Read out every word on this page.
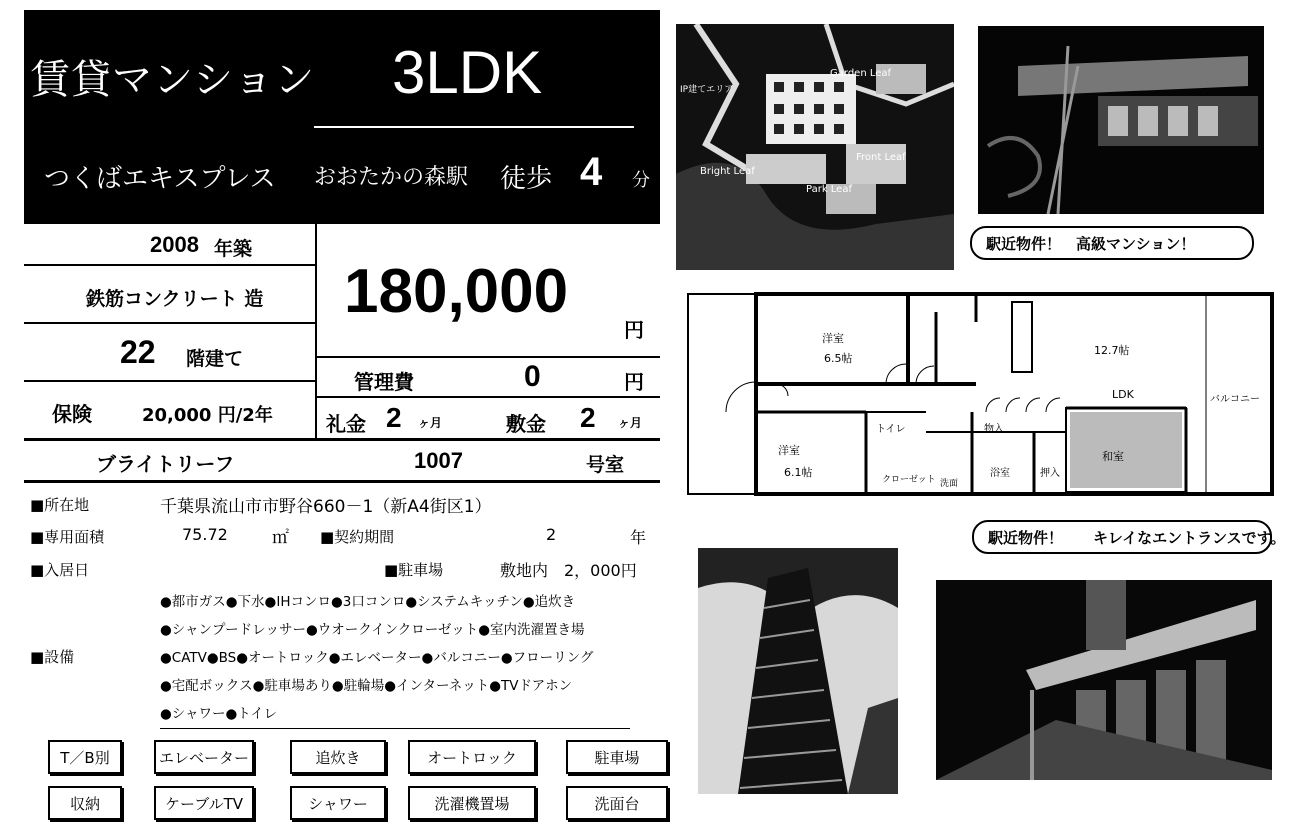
賃貸マンション 3LDK
つくばエキスプレス おおたかの森駅 徒歩 4 分
2008 年築
鉄筋コンクリート 造
22 階建て
保険	20,000 円/2年
180,000
円
管理費	0	円
礼金 2 ヶ月	敷金 2 ヶ月
ブライトリーフ	1007	号室
■所在地	千葉県流山市市野谷660－1（新A4街区1）
■専用面積	75.72	㎡ ■契約期間	2	年
■入居日	■駐車場	敷地内　2，000円
■設備
●都市ガス●下水●IHコンロ●3口コンロ●システムキッチン●追炊き
●シャンプードレッサー●ウオークインクローゼット●室内洗濯置き場
●CATV●BS●オートロック●エレベーター●バルコニー●フローリング
●宅配ボックス●駐車場あり●駐輪場●インターネット●TVドアホン
●シャワー●トイレ
T／B別	エレベーター	追炊き	オートロック	駐車場
収納	ケーブルTV	シャワー	洗濯機置場	洗面台
Garden Leaf
Front Leaf
Park Leaf
Bright Leaf
IP建てエリア
駅近物件！　高級マンション！
洋室
6.5帖
洋室
6.1帖
LDK
12.7帖
和室
バルコニー
クローゼット
トイレ
洗面
浴室	押入
物入
駅近物件！　　キレイなエントランスです。
